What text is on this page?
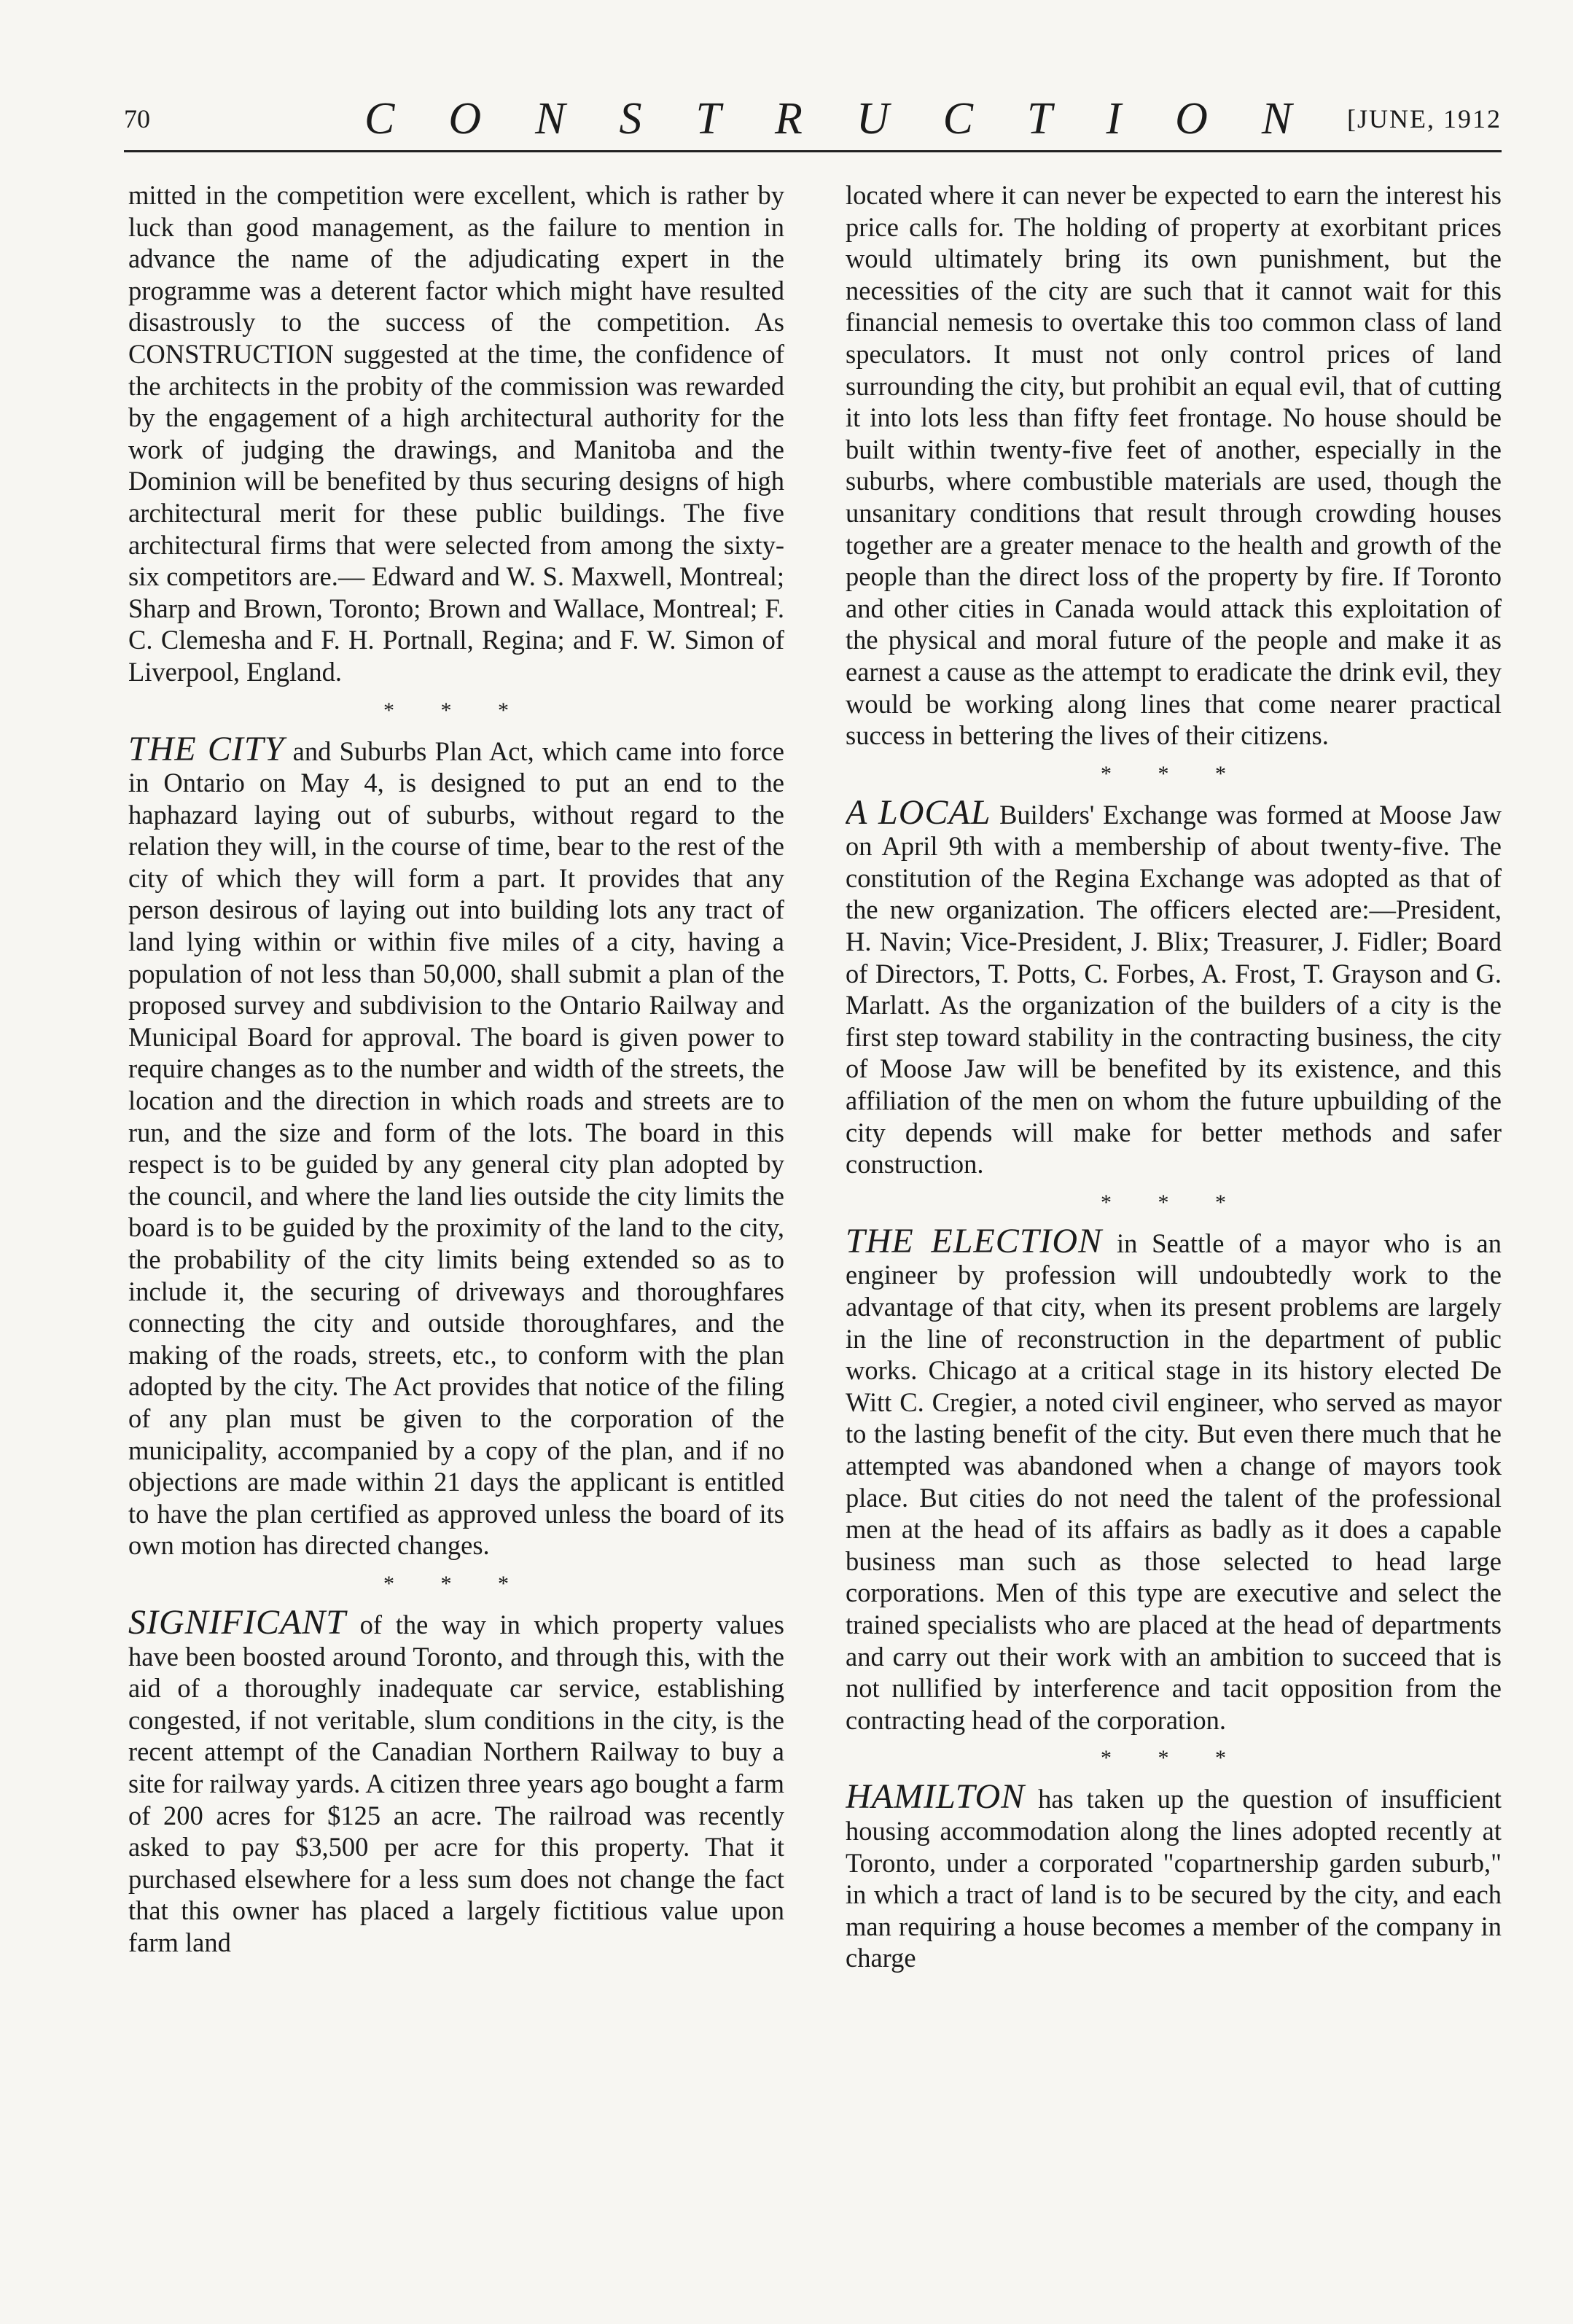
70	CONSTRUCTION [JUNE, 1912

mitted in the competition were excellent, which is rather by luck than good management, as the failure to mention in advance the name of the adjudicating expert in the programme was a deterent factor which might have resulted disastrously to the success of the competition. As CONSTRUCTION suggested at the time, the confidence of the architects in the probity of the commission was rewarded by the engagement of a high architectural authority for the work of judging the drawings, and Manitoba and the Dominion will be benefited by thus securing designs of high architectural merit for these public buildings. The five architectural firms that were selected from among the sixty-six competitors are.— Edward and W. S. Maxwell, Montreal; Sharp and Brown, Toronto; Brown and Wallace, Montreal; F. C. Clemesha and F. H. Portnall, Regina; and F. W. Simon of Liverpool, England.

* * *

THE CITY and Suburbs Plan Act, which came into force in Ontario on May 4, is designed to put an end to the haphazard laying out of suburbs, without regard to the relation they will, in the course of time, bear to the rest of the city of which they will form a part. It provides that any person desirous of laying out into building lots any tract of land lying within or within five miles of a city, having a population of not less than 50,000, shall submit a plan of the proposed survey and subdivision to the Ontario Railway and Municipal Board for approval. The board is given power to require changes as to the number and width of the streets, the location and the direction in which roads and streets are to run, and the size and form of the lots. The board in this respect is to be guided by any general city plan adopted by the council, and where the land lies outside the city limits the board is to be guided by the proximity of the land to the city, the probability of the city limits being extended so as to include it, the securing of driveways and thoroughfares connecting the city and outside thoroughfares, and the making of the roads, streets, etc., to conform with the plan adopted by the city. The Act provides that notice of the filing of any plan must be given to the corporation of the municipality, accompanied by a copy of the plan, and if no objections are made within 21 days the applicant is entitled to have the plan certified as approved unless the board of its own motion has directed changes.

* * *

SIGNIFICANT of the way in which property values have been boosted around Toronto, and through this, with the aid of a thoroughly inadequate car service, establishing congested, if not veritable, slum conditions in the city, is the recent attempt of the Canadian Northern Railway to buy a site for railway yards. A citizen three years ago bought a farm of 200 acres for $125 an acre. The railroad was recently asked to pay $3,500 per acre for this property. That it purchased elsewhere for a less sum does not change the fact that this owner has placed a largely fictitious value upon farm land

located where it can never be expected to earn the interest his price calls for. The holding of property at exorbitant prices would ultimately bring its own punishment, but the necessities of the city are such that it cannot wait for this financial nemesis to overtake this too common class of land speculators. It must not only control prices of land surrounding the city, but prohibit an equal evil, that of cutting it into lots less than fifty feet frontage. No house should be built within twenty-five feet of another, especially in the suburbs, where combustible materials are used, though the unsanitary conditions that result through crowding houses together are a greater menace to the health and growth of the people than the direct loss of the property by fire. If Toronto and other cities in Canada would attack this exploitation of the physical and moral future of the people and make it as earnest a cause as the attempt to eradicate the drink evil, they would be working along lines that come nearer practical success in bettering the lives of their citizens.

* * *

A LOCAL Builders' Exchange was formed at Moose Jaw on April 9th with a membership of about twenty-five. The constitution of the Regina Exchange was adopted as that of the new organization. The officers elected are:—President, H. Navin; Vice-President, J. Blix; Treasurer, J. Fidler; Board of Directors, T. Potts, C. Forbes, A. Frost, T. Grayson and G. Marlatt. As the organization of the builders of a city is the first step toward stability in the contracting business, the city of Moose Jaw will be benefited by its existence, and this affiliation of the men on whom the future upbuilding of the city depends will make for better methods and safer construction.

* * *

THE ELECTION in Seattle of a mayor who is an engineer by profession will undoubtedly work to the advantage of that city, when its present problems are largely in the line of reconstruction in the department of public works. Chicago at a critical stage in its history elected De Witt C. Cregier, a noted civil engineer, who served as mayor to the lasting benefit of the city. But even there much that he attempted was abandoned when a change of mayors took place. But cities do not need the talent of the professional men at the head of its affairs as badly as it does a capable business man such as those selected to head large corporations. Men of this type are executive and select the trained specialists who are placed at the head of departments and carry out their work with an ambition to succeed that is not nullified by interference and tacit opposition from the contracting head of the corporation.

* * *

HAMILTON has taken up the question of insufficient housing accommodation along the lines adopted recently at Toronto, under a corporated "copartnership garden suburb," in which a tract of land is to be secured by the city, and each man requiring a house becomes a member of the company in charge
